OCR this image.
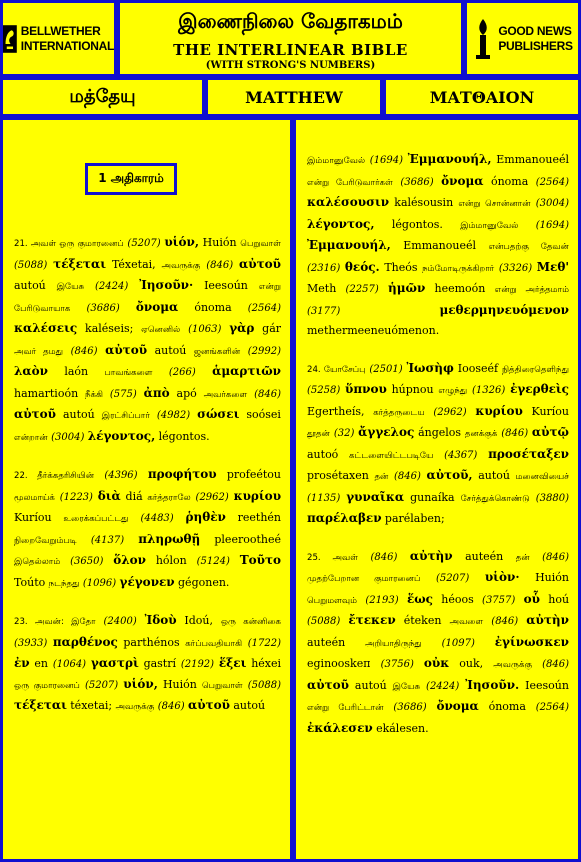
BELLWETHER
INTERNATIONAL
இணைநிலை வேதாகமம்
THE INTERLINEAR BIBLE
(WITH STRONG'S NUMBERS)
GOOD NEWS
PUBLISHERS
மத்தேயு	MATTHEW	ΜΑΤΘΑΙΟΝ
1 அதிகாரம்

21. அவள் ஒரு குமாரனைப் (5207) υἱόν, Huión பெறுவாள் (5088) τέξεται Téxetai, அவருக்கு (846) αὐτοῦ autoú இயேசு (2424) Ἰησοῦν· Ieesoún என்று பேரிடுவாயாக (3686) ὄνομα ónoma (2564) καλέσεις kaléseis; ஏனெனில் (1063) γὰρ gár அவர் தமது (846) αὐτοῦ autoú ஜனங்களின் (2992) λαὸν laón பாவங்களை (266) ἁμαρτιῶν hamartioón நீக்கி (575) ἀπὸ apó அவர்களை (846) αὐτοῦ autoú இரட்சிப்பார் (4982) σώσει soósei என்றான் (3004) λέγοντος, légontos.

22. தீர்க்கதரிசியின் (4396) προφήτου profeétou மூலமாய்க் (1223) διὰ diá கர்த்தராலே (2962) κυρίου Kuríou உரைக்கப்பட்டது (4483) ῥηθὲν reethén நிறைவேறும்படி (4137) πληρωθῇ pleerootheé இதெல்லாம் (3650) ὅλον hólon (5124) Τοῦτο Toúto நடந்தது (1096) γέγονεν gégonen.

23. அவன்: இதோ (2400) Ἰδοὺ Idoú, ஒரு கன்னிகை (3933) παρθένος parthénos கர்ப்பவதியாகி (1722) ἐν en (1064) γαστρὶ gastrí (2192) ἕξει héxei ஒரு குமாரனைப் (5207) υἱόν, Huión பெறுவாள் (5088) τέξεται téxetai; அவருக்கு (846) αὐτοῦ autoú

இம்மானுவேல் (1694) Ἐμμανουήλ, Emmanoueél என்று பேரிடுவார்கள் (3686) ὄνομα ónoma (2564) καλέσουσιν kalésousin என்று சொன்னான் (3004) λέγοντος, légontos. இம்மானுவேல் (1694) Ἐμμανουήλ, Emmanoueél என்பதற்கு தேவன் (2316) θεός. Theós நம்மோடிருக்கிறார் (3326) Μεθ' Meth (2257) ἡμῶν heemoón என்று அர்த்தமாம் (3177)	μεθερμηνευόμενον methermeeneuómenon.

24. யோசேப்பு (2501) Ἰωσὴφ Iooseéf நித்திரைதெளிந்து (5258) ὕπνου húpnou எழுந்து (1326) ἐγερθεὶς Egertheís, கர்த்தருடைய (2962) κυρίου Kuríou தூதன் (32) ἄγγελος ángelos தனக்குக் (846) αὐτῷ autoó கட்டளையிட்டபடியே (4367) προσέταξεν prosétaxen தன் (846) αὐτοῦ, autoú மனைவியைச் (1135) γυναῖκα gunaíka சேர்த்துக்கொண்டு (3880) παρέλαβεν parélaben;

25. அவள் (846) αὐτὴν auteén தன் (846) முதற்பேறான குமாரனைப் (5207) υἱὸν· Huión பெறுமளவும் (2193) ἕως héoos (3757) οὗ hoú (5088) ἔτεκεν éteken அவளை (846) αὐτὴν auteén அறியாதிருந்து (1097) ἐγίνωσκεν eginooskeп (3756) οὐκ ouk, அவருக்கு (846) αὐτοῦ autoú இயேசு (2424) Ἰησοῦν. Ieesoún என்று பேரிட்டான் (3686) ὄνομα ónoma (2564) ἐκάλεσεν ekálesen.
